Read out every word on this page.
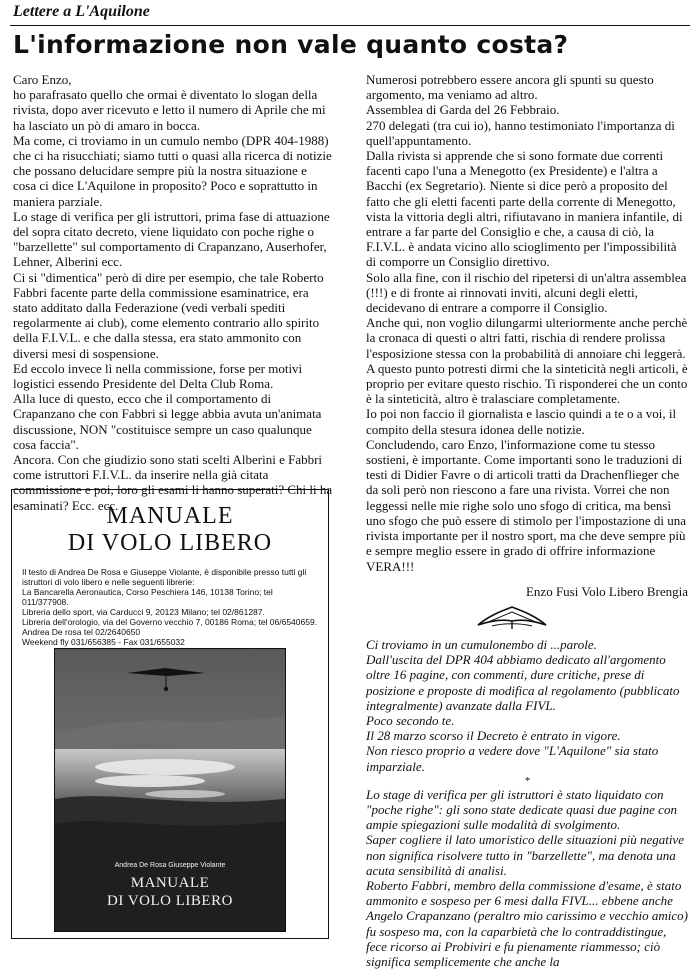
Lettere a L'Aquilone
L'informazione non vale quanto costa?

Caro Enzo,

ho parafrasato quello che ormai è diventato lo slogan della rivista, dopo aver ricevuto e letto il numero di Aprile che mi ha lasciato un pò di amaro in bocca.

Ma come, ci troviamo in un cumulo nembo (DPR 404-1988) che ci ha risucchiati; siamo tutti o quasi alla ricerca di notizie che possano delucidare sempre più la nostra situazione e cosa ci dice L'Aquilone in proposito? Poco e soprattutto in maniera parziale.

Lo stage di verifica per gli istruttori, prima fase di attuazione del sopra citato decreto, viene liquidato con poche righe o "barzellette" sul comportamento di Crapanzano, Auserhofer, Lehner, Alberini ecc.

Ci si "dimentica" però di dire per esempio, che tale Roberto Fabbri facente parte della commissione esaminatrice, era stato additato dalla Federazione (vedi verbali spediti regolarmente ai club), come elemento contrario allo spirito della F.I.V.L. e che dalla stessa, era stato ammonito con diversi mesi di sospensione.

Ed eccolo invece lì nella commissione, forse per motivi logistici essendo Presidente del Delta Club Roma.

Alla luce di questo, ecco che il comportamento di Crapanzano che con Fabbri si legge abbia avuta un'animata discussione, NON "costituisce sempre un caso qualunque cosa faccia".

Ancora. Con che giudizio sono stati scelti Alberini e Fabbri come istruttori F.I.V.L. da inserire nella già citata commissione e poi, loro gli esami li hanno superati? Chi li ha esaminati? Ecc. ecc.

MANUALE
DI VOLO LIBERO
Il testo di Andrea De Rosa e Giuseppe Violante, è disponibile presso tutti gli istruttori di volo libero e nelle seguenti librerie:
La Bancarella Aeronautica, Corso Peschiera 146, 10138 Torino; tel 011/377908.
Libreria dello sport, via Carducci 9, 20123 Milano; tel 02/861287.
Libreria dell'orologio, via del Governo vecchio 7, 00186 Roma; tel 06/6540659.
Andrea De rosa tel 02/2640650
Weekend fly 031/656385 - Fax 031/655032
Andrea De Rosa Giuseppe Violante
MANUALE
DI VOLO LIBERO

Numerosi potrebbero essere ancora gli spunti su questo argomento, ma veniamo ad altro.

Assemblea di Garda del 26 Febbraio.

270 delegati (tra cui io), hanno testimoniato l'importanza di quell'appuntamento.

Dalla rivista si apprende che si sono formate due correnti facenti capo l'una a Menegotto (ex Presidente) e l'altra a Bacchi (ex Segretario). Niente si dice però a proposito del fatto che gli eletti facenti parte della corrente di Menegotto, vista la vittoria degli altri, rifiutavano in maniera infantile, di entrare a far parte del Consiglio e che, a causa di ciò, la F.I.V.L. è andata vicino allo scioglimento per l'impossibilità di comporre un Consiglio direttivo.

Solo alla fine, con il rischio del ripetersi di un'altra assemblea (!!!) e di fronte ai rinnovati inviti, alcuni degli eletti, decidevano di entrare a comporre il Consiglio.

Anche qui, non voglio dilungarmi ulteriormente anche perchè la cronaca di questi o altri fatti, rischia di rendere prolissa l'esposizione stessa con la probabilità di annoiare chi leggerà.

A questo punto potresti dirmi che la sinteticità negli articoli, è proprio per evitare questo rischio. Ti risponderei che un conto è la sinteticità, altro è tralasciare completamente.

Io poi non faccio il giornalista e lascio quindi a te o a voi, il compito della stesura idonea delle notizie.

Concludendo, caro Enzo, l'informazione come tu stesso sostieni, è importante. Come importanti sono le traduzioni di testi di Didier Favre o di articoli tratti da Drachenflieger che da soli però non riescono a fare una rivista. Vorrei che non leggessi nelle mie righe solo uno sfogo di critica, ma bensì uno sfogo che può essere di stimolo per l'impostazione di una rivista importante per il nostro sport, ma che deve sempre più e sempre meglio essere in grado di offrire informazione VERA!!!

Enzo Fusi Volo Libero Brengia

Ci troviamo in un cumulonembo di ...parole.

Dall'uscita del DPR 404 abbiamo dedicato all'argomento oltre 16 pagine, con commenti, dure critiche, prese di posizione e proposte di modifica al regolamento (pubblicato integralmente) avanzate dalla FIVL.

Poco secondo te.

Il 28 marzo scorso il Decreto è entrato in vigore.

Non riesco proprio a vedere dove "L'Aquilone" sia stato imparziale.

*

Lo stage di verifica per gli istruttori è stato liquidato con "poche righe": gli sono state dedicate quasi due pagine con ampie spiegazioni sulle modalità di svolgimento.

Saper cogliere il lato umoristico delle situazioni più negative non significa risolvere tutto in "barzellette", ma denota una acuta sensibilità di analisi.

Roberto Fabbri, membro della commissione d'esame, è stato ammonito e sospeso per 6 mesi dalla FIVL... ebbene anche Angelo Crapanzano (peraltro mio carissimo e vecchio amico) fu sospeso ma, con la caparbietà che lo contraddistingue, fece ricorso ai Probiviri e fu pienamente riammesso; ciò significa semplicemente che anche la
